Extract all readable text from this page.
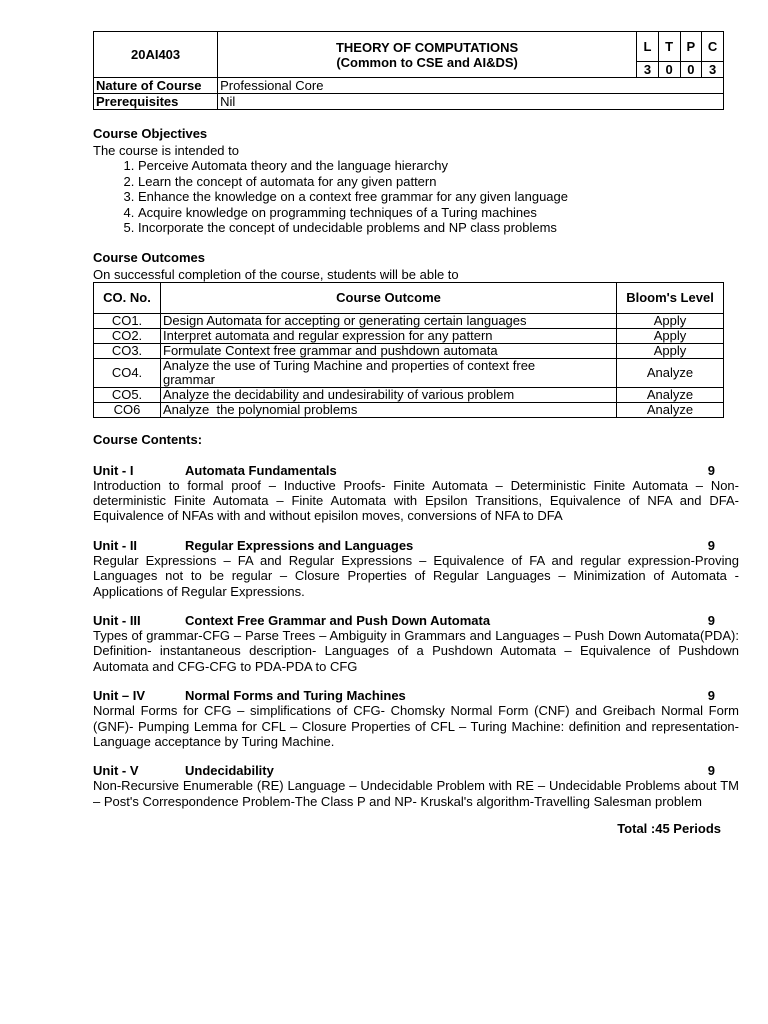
20AI403	THEORY OF COMPUTATIONS
(Common to CSE and AI&DS)	L	T	P	C
		3	0	0	3
Nature of Course	Professional Core				
Prerequisites	Nil				
Course Objectives
The course is intended to
1. Perceive Automata theory and the language hierarchy
2. Learn the concept of automata for any given pattern
3. Enhance the knowledge on a context free grammar for any given language
4. Acquire knowledge on programming techniques of a Turing machines
5. Incorporate the concept of undecidable problems and NP class problems
Course Outcomes
On successful completion of the course, students will be able to
CO. No.	Course Outcome	Bloom's Level
CO1.	Design Automata for accepting or generating certain languages	Apply
CO2.	Interpret automata and regular expression for any pattern	Apply
CO3.	Formulate Context free grammar and pushdown automata	Apply
CO4.	Analyze the use of Turing Machine and properties of context free grammar	Analyze
CO5.	Analyze the decidability and undesirability of various problem	Analyze
CO6	Analyze  the polynomial problems	Analyze
Course Contents:
Unit - I	Automata Fundamentals	9
Introduction to formal proof – Inductive Proofs- Finite Automata – Deterministic Finite Automata – Non-deterministic Finite Automata – Finite Automata with Epsilon Transitions, Equivalence of NFA and DFA-Equivalence of NFAs with and without episilon moves, conversions of NFA to DFA
Unit - II	Regular Expressions and Languages	9
Regular Expressions – FA and Regular Expressions – Equivalence of FA and regular expression-Proving Languages not to be regular – Closure Properties of Regular Languages – Minimization of Automata - Applications of Regular Expressions.
Unit - III	Context Free Grammar and Push Down Automata	9
Types of grammar-CFG – Parse Trees – Ambiguity in Grammars and Languages – Push Down Automata(PDA): Definition- instantaneous description- Languages of a Pushdown Automata – Equivalence of Pushdown Automata and CFG-CFG to PDA-PDA to CFG
Unit – IV	Normal Forms and Turing Machines	9
Normal Forms for CFG – simplifications of CFG- Chomsky Normal Form (CNF) and Greibach Normal Form (GNF)- Pumping Lemma for CFL – Closure Properties of CFL – Turing Machine: definition and representation-Language acceptance by Turing Machine.
Unit - V	Undecidability	9
Non-Recursive Enumerable (RE) Language – Undecidable Problem with RE – Undecidable Problems about TM – Post's Correspondence Problem-The Class P and NP- Kruskal's algorithm-Travelling Salesman problem
Total :45 Periods
